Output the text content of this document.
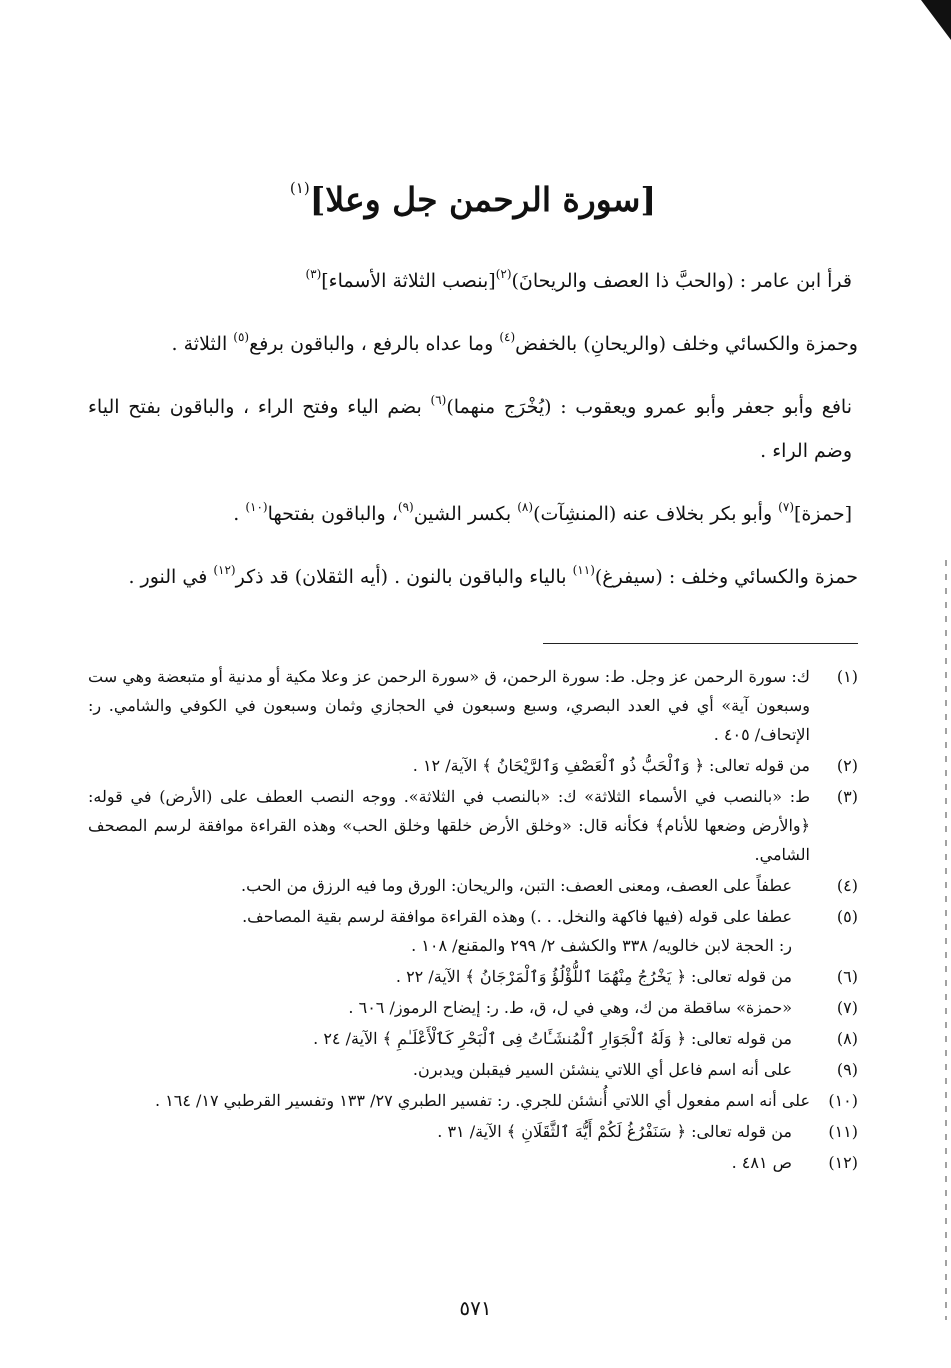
[سورة الرحمن جل وعلا]$^{(١)}$

قرأ ابن عامر : (والحبَّ ذا العصف والريحانَ)$^{(٢)}$[بنصب الثلاثة الأسماء]$^{(٣)}$

وحمزة والكسائي وخلف (والريحانِ) بالخفض$^{(٤)}$ وما عداه بالرفع ، والباقون برفع$^{(٥)}$ الثلاثة .

نافع وأبو جعفر وأبو عمرو ويعقوب : (يُخْرَج منهما)$^{(٦)}$ بضم الياء وفتح الراء ، والباقون بفتح الياء وضم الراء .

[حمزة]$^{(٧)}$ وأبو بكر بخلاف عنه (المنشِآت)$^{(٨)}$ بكسر الشين$^{(٩)}$، والباقون بفتحها$^{(١٠)}$ .

حمزة والكسائي وخلف : (سيفرغ)$^{(١١)}$ بالياء والباقون بالنون . (أيه الثقلان) قد ذكر$^{(١٢)}$ في النور .

(١)
ك: سورة الرحمن عز وجل. ط: سورة الرحمن، ق «سورة الرحمن عز وعلا مكية أو مدنية أو متبعضة وهي ست وسبعون آية» أي في العدد البصري، وسبع وسبعون في الحجازي وثمان وسبعون في الكوفي والشامي. ر: الإتحاف/ ٤٠٥ .
(٢)
من قوله تعالى: ﴿ وَٱلْحَبُّ ذُو ٱلْعَصْفِ وَٱلرَّيْحَانُ ﴾ الآية/ ١٢ .
(٣)
ط: «بالنصب في الأسماء الثلاثة» ك: «بالنصب في الثلاثة». ووجه النصب العطف على (الأرض) في قوله: ﴿والأرض وضعها للأنام﴾ فكأنه قال: «وخلق الأرض خلقها وخلق الحب» وهذه القراءة موافقة لرسم المصحف الشامي.
(٤)
عطفاً على العصف، ومعنى العصف: التبن، والريحان: الورق وما فيه الرزق من الحب.
(٥)
عطفا على قوله (فيها فاكهة والنخل. . .) وهذه القراءة موافقة لرسم بقية المصاحف.
ر: الحجة لابن خالويه/ ٣٣٨ والكشف ٢/ ٢٩٩ والمقنع/ ١٠٨ .
(٦)
من قوله تعالى: ﴿ يَخْرُجُ مِنْهُمَا ٱللُّؤْلُؤُ وَٱلْمَرْجَانُ ﴾ الآية/ ٢٢ .
(٧)
«حمزة» ساقطة من ك، وهي في ل، ق، ط. ر: إيضاح الرموز/ ٦٠٦ .
(٨)
من قوله تعالى: ﴿ وَلَهُ ٱلْجَوَارِ ٱلْمُنشَـَٔاتُ فِى ٱلْبَحْرِ كَٱلْأَعْلَـٰمِ ﴾ الآية/ ٢٤ .
(٩)
على أنه اسم فاعل أي اللاتي ينشئن السير فيقبلن ويدبرن.
(١٠)
على أنه اسم مفعول أي اللاتي أُنشئن للجري. ر: تفسير الطبري ٢٧/ ١٣٣ وتفسير القرطبي ١٧/ ١٦٤ .
(١١)
من قوله تعالى: ﴿ سَنَفْرُغُ لَكُمْ أَيُّهَ ٱلثَّقَلَانِ ﴾ الآية/ ٣١ .
(١٢)
ص ٤٨١ .
٥٧١
